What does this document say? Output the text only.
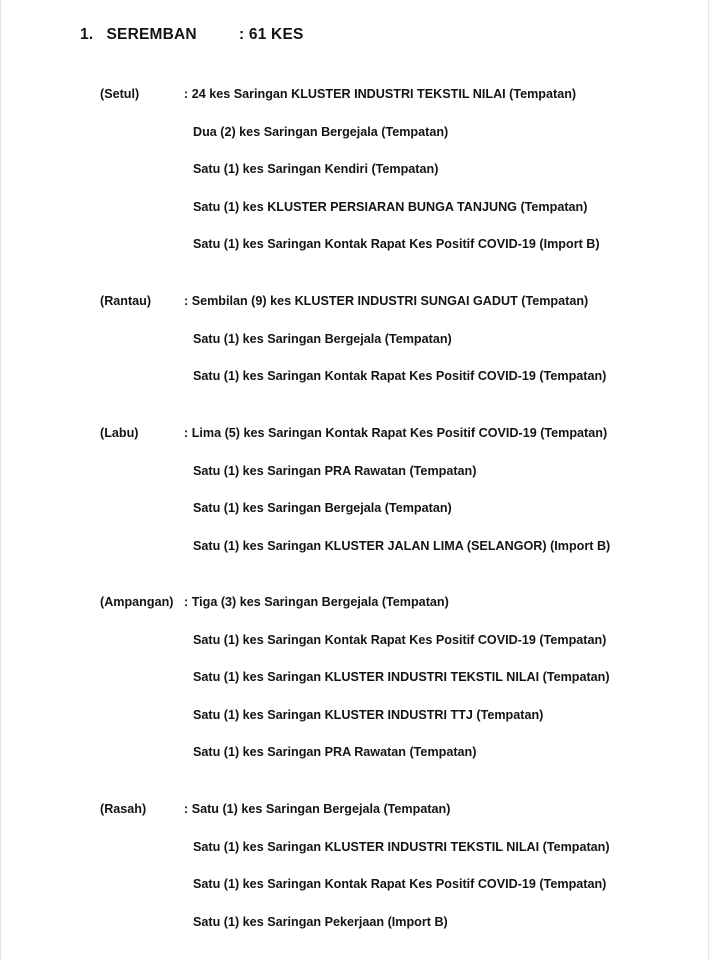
1. SEREMBAN	: 61 KES
(Setul)	: 24 kes Saringan KLUSTER INDUSTRI TEKSTIL NILAI (Tempatan)
Dua (2) kes Saringan Bergejala (Tempatan)
Satu (1) kes Saringan Kendiri (Tempatan)
Satu (1) kes KLUSTER PERSIARAN BUNGA TANJUNG (Tempatan)
Satu (1) kes Saringan Kontak Rapat Kes Positif COVID-19 (Import B)
(Rantau)	: Sembilan (9) kes KLUSTER INDUSTRI SUNGAI GADUT (Tempatan)
Satu (1) kes Saringan Bergejala (Tempatan)
Satu (1) kes Saringan Kontak Rapat Kes Positif COVID-19 (Tempatan)
(Labu)	: Lima (5) kes Saringan Kontak Rapat Kes Positif COVID-19 (Tempatan)
Satu (1) kes Saringan PRA Rawatan (Tempatan)
Satu (1) kes Saringan Bergejala (Tempatan)
Satu (1) kes Saringan KLUSTER JALAN LIMA (SELANGOR) (Import B)
(Ampangan) : Tiga (3) kes Saringan Bergejala (Tempatan)
Satu (1) kes Saringan Kontak Rapat Kes Positif COVID-19 (Tempatan)
Satu (1) kes Saringan KLUSTER INDUSTRI TEKSTIL NILAI (Tempatan)
Satu (1) kes Saringan KLUSTER INDUSTRI TTJ (Tempatan)
Satu (1) kes Saringan PRA Rawatan (Tempatan)
(Rasah)	: Satu (1) kes Saringan Bergejala (Tempatan)
Satu (1) kes Saringan KLUSTER INDUSTRI TEKSTIL NILAI (Tempatan)
Satu (1) kes Saringan Kontak Rapat Kes Positif COVID-19 (Tempatan)
Satu (1) kes Saringan Pekerjaan (Import B)
